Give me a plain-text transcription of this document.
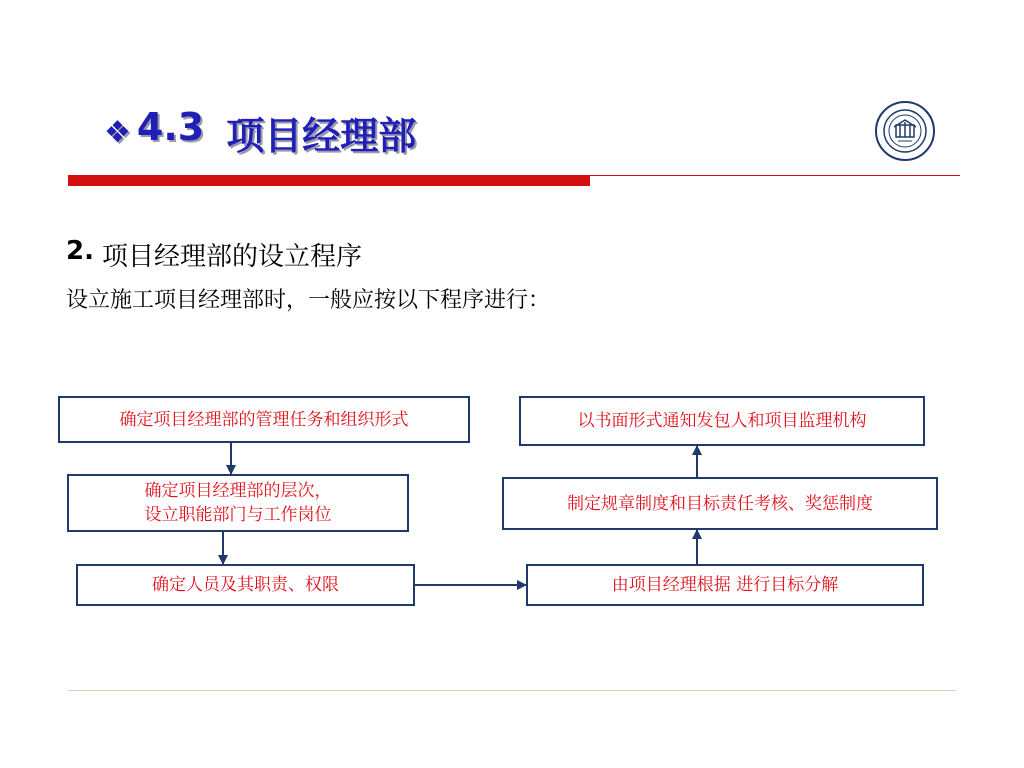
❖ 4.3 项目经理部
2. 项目经理部的设立程序
设立施工项目经理部时，一般应按以下程序进行：
确定项目经理部的管理任务和组织形式
确定项目经理部的层次，
设立职能部门与工作岗位
确定人员及其职责、权限
以书面形式通知发包人和项目监理机构
制定规章制度和目标责任考核、奖惩制度
由项目经理根据 进行目标分解
